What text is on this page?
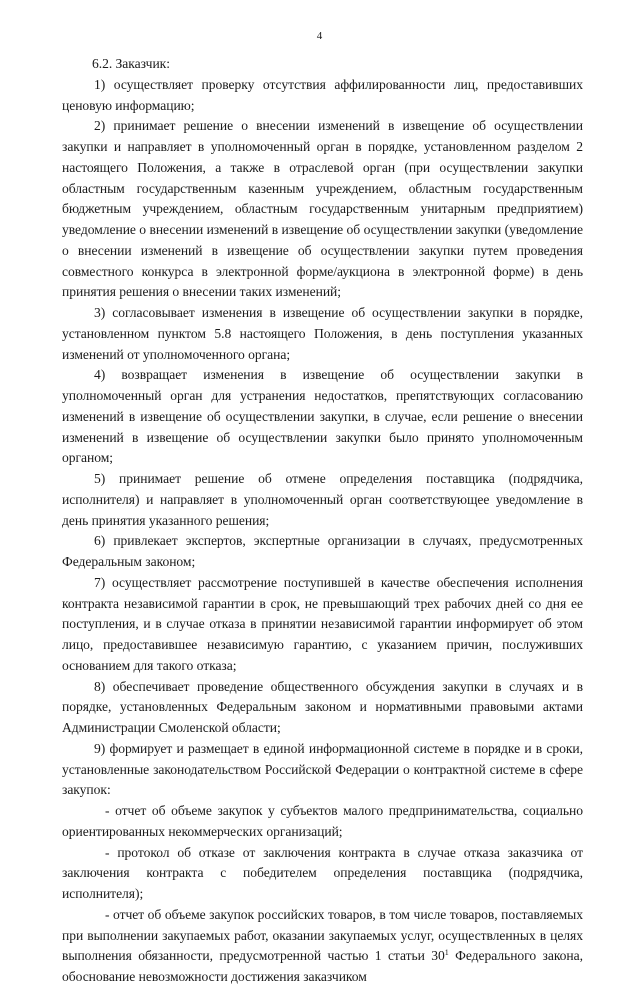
4

6.2. Заказчик:

1) осуществляет проверку отсутствия аффилированности лиц, предоставивших ценовую информацию;

2) принимает решение о внесении изменений в извещение об осуществлении закупки и направляет в уполномоченный орган в порядке, установленном разделом 2 настоящего Положения, а также в отраслевой орган (при осуществлении закупки областным государственным казенным учреждением, областным государственным бюджетным учреждением, областным государственным унитарным предприятием) уведомление о внесении изменений в извещение об осуществлении закупки (уведомление о внесении изменений в извещение об осуществлении закупки путем проведения совместного конкурса в электронной форме/аукциона в электронной форме) в день принятия решения о внесении таких изменений;

3) согласовывает изменения в извещение об осуществлении закупки в порядке, установленном пунктом 5.8 настоящего Положения, в день поступления указанных изменений от уполномоченного органа;

4) возвращает изменения в извещение об осуществлении закупки в уполномоченный орган для устранения недостатков, препятствующих согласованию изменений в извещение об осуществлении закупки, в случае, если решение о внесении изменений в извещение об осуществлении закупки было принято уполномоченным органом;

5) принимает решение об отмене определения поставщика (подрядчика, исполнителя) и направляет в уполномоченный орган соответствующее уведомление в день принятия указанного решения;

6) привлекает экспертов, экспертные организации в случаях, предусмотренных Федеральным законом;

7) осуществляет рассмотрение поступившей в качестве обеспечения исполнения контракта независимой гарантии в срок, не превышающий трех рабочих дней со дня ее поступления, и в случае отказа в принятии независимой гарантии информирует об этом лицо, предоставившее независимую гарантию, с указанием причин, послуживших основанием для такого отказа;

8) обеспечивает проведение общественного обсуждения закупки в случаях и в порядке, установленных Федеральным законом и нормативными правовыми актами Администрации Смоленской области;

9) формирует и размещает в единой информационной системе в порядке и в сроки, установленные законодательством Российской Федерации о контрактной системе в сфере закупок:

- отчет об объеме закупок у субъектов малого предпринимательства, социально ориентированных некоммерческих организаций;

- протокол об отказе от заключения контракта в случае отказа заказчика от заключения контракта с победителем определения поставщика (подрядчика, исполнителя);

- отчет об объеме закупок российских товаров, в том числе товаров, поставляемых при выполнении закупаемых работ, оказании закупаемых услуг, осуществленных в целях выполнения обязанности, предусмотренной частью 1 статьи $30^1$ Федерального закона, обоснование невозможности достижения заказчиком
